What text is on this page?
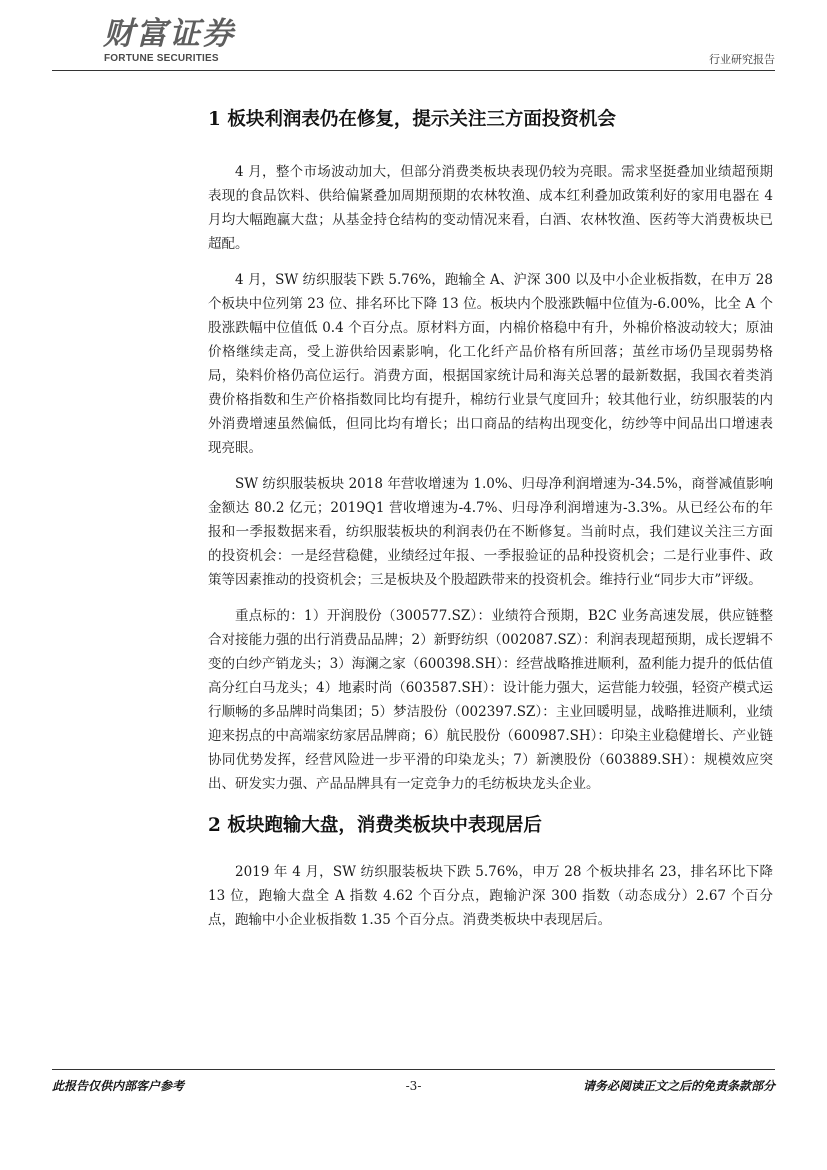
财富证券
FORTUNE SECURITIES	行业研究报告
1 板块利润表仍在修复，提示关注三方面投资机会

4 月，整个市场波动加大，但部分消费类板块表现仍较为亮眼。需求坚挺叠加业绩超预期表现的食品饮料、供给偏紧叠加周期预期的农林牧渔、成本红利叠加政策利好的家用电器在 4 月均大幅跑赢大盘；从基金持仓结构的变动情况来看，白酒、农林牧渔、医药等大消费板块已超配。

4 月，SW 纺织服装下跌 5.76%，跑输全 A、沪深 300 以及中小企业板指数，在申万 28 个板块中位列第 23 位、排名环比下降 13 位。板块内个股涨跌幅中位值为-6.00%，比全 A 个股涨跌幅中位值低 0.4 个百分点。原材料方面，内棉价格稳中有升，外棉价格波动较大；原油价格继续走高，受上游供给因素影响，化工化纤产品价格有所回落；茧丝市场仍呈现弱势格局，染料价格仍高位运行。消费方面，根据国家统计局和海关总署的最新数据，我国衣着类消费价格指数和生产价格指数同比均有提升，棉纺行业景气度回升；较其他行业，纺织服装的内外消费增速虽然偏低，但同比均有增长；出口商品的结构出现变化，纺纱等中间品出口增速表现亮眼。

SW 纺织服装板块 2018 年营收增速为 1.0%、归母净利润增速为-34.5%，商誉减值影响金额达 80.2 亿元；2019Q1 营收增速为-4.7%、归母净利润增速为-3.3%。从已经公布的年报和一季报数据来看，纺织服装板块的利润表仍在不断修复。当前时点，我们建议关注三方面的投资机会：一是经营稳健，业绩经过年报、一季报验证的品种投资机会；二是行业事件、政策等因素推动的投资机会；三是板块及个股超跌带来的投资机会。维持行业“同步大市”评级。

重点标的：1）开润股份（300577.SZ）：业绩符合预期，B2C 业务高速发展，供应链整合对接能力强的出行消费品品牌；2）新野纺织（002087.SZ）：利润表现超预期，成长逻辑不变的白纱产销龙头；3）海澜之家（600398.SH）：经营战略推进顺利，盈利能力提升的低估值高分红白马龙头；4）地素时尚（603587.SH）：设计能力强大，运营能力较强，轻资产模式运行顺畅的多品牌时尚集团；5）梦洁股份（002397.SZ）：主业回暖明显，战略推进顺利，业绩迎来拐点的中高端家纺家居品牌商；6）航民股份（600987.SH）：印染主业稳健增长、产业链协同优势发挥，经营风险进一步平滑的印染龙头；7）新澳股份（603889.SH）：规模效应突出、研发实力强、产品品牌具有一定竞争力的毛纺板块龙头企业。

2 板块跑输大盘，消费类板块中表现居后

2019 年 4 月，SW 纺织服装板块下跌 5.76%，申万 28 个板块排名 23，排名环比下降 13 位，跑输大盘全 A 指数 4.62 个百分点，跑输沪深 300 指数（动态成分）2.67 个百分点，跑输中小企业板指数 1.35 个百分点。消费类板块中表现居后。

-3-
此报告仅供内部客户参考	请务必阅读正文之后的免责条款部分
